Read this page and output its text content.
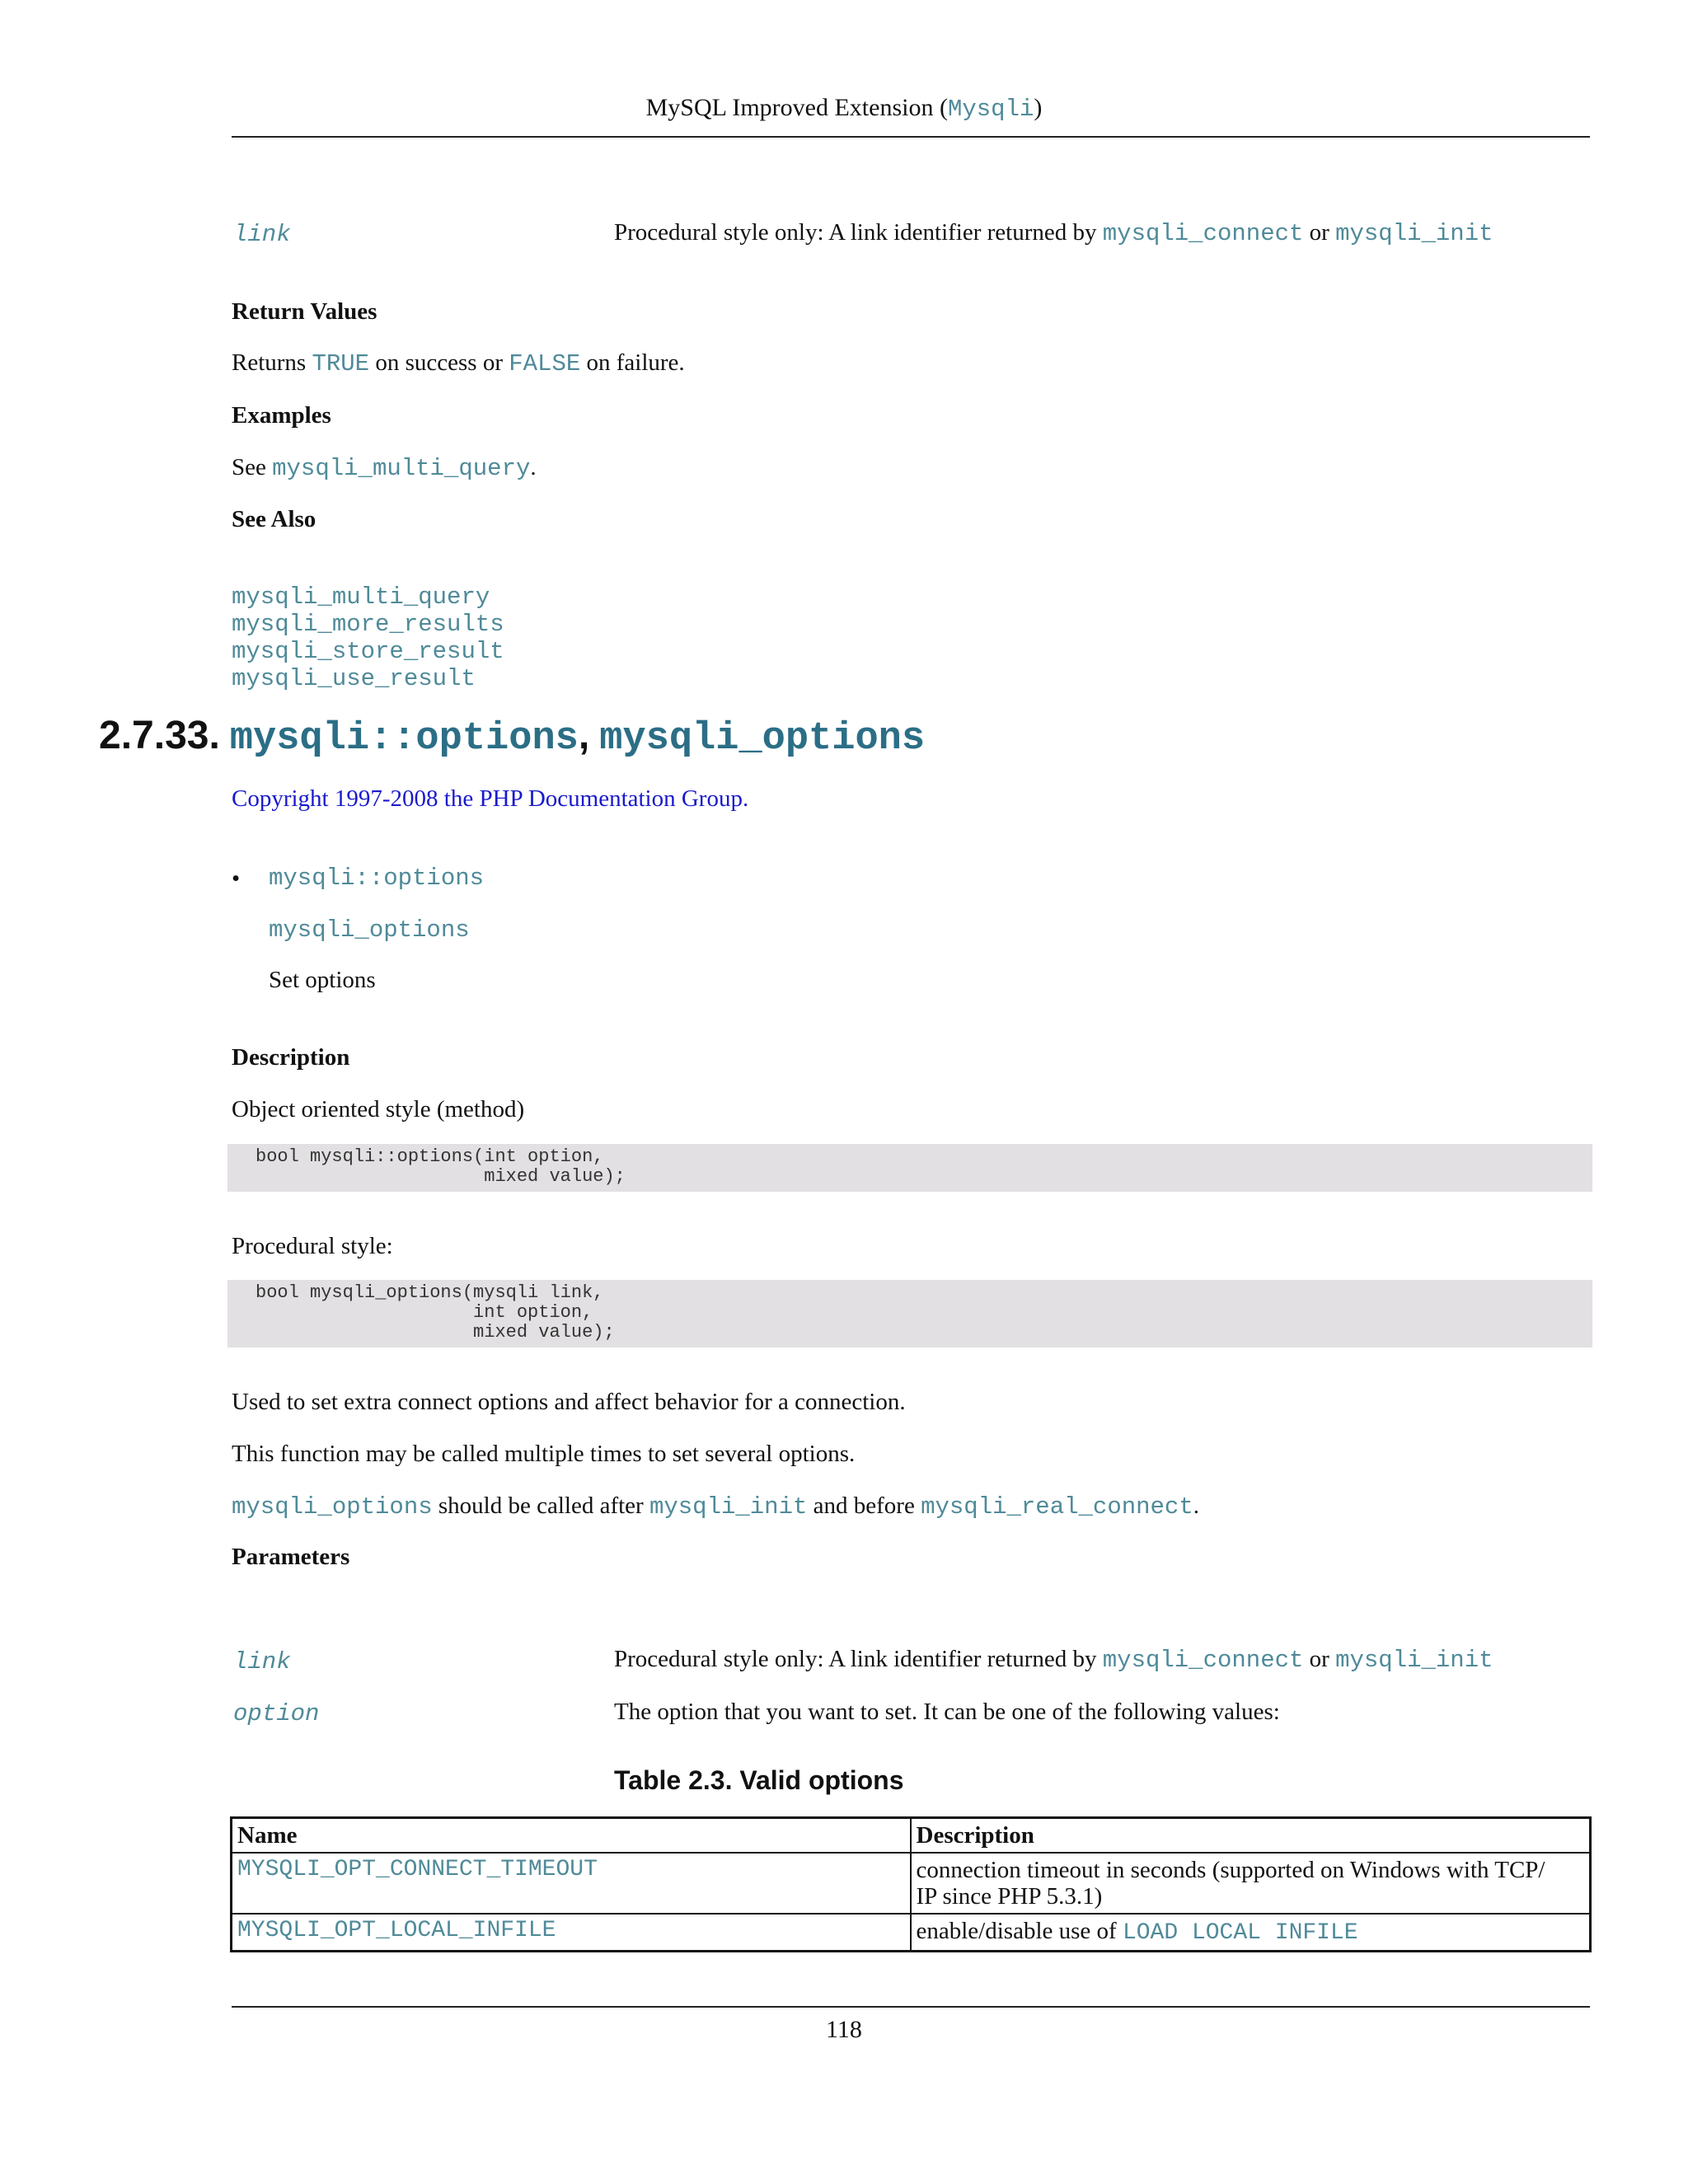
MySQL Improved Extension (Mysqli)
link	Procedural style only: A link identifier returned by mysqli_connect or mysqli_init
Return Values
Returns TRUE on success or FALSE on failure.
Examples
See mysqli_multi_query.
See Also
mysqli_multi_query
mysqli_more_results
mysqli_store_result
mysqli_use_result
2.7.33. mysqli::options, mysqli_options
Copyright 1997-2008 the PHP Documentation Group.
• mysqli::options
mysqli_options
Set options
Description
Object oriented style (method)
bool mysqli::options(int option,
mixed value);
Procedural style:
bool mysqli_options(mysqli link,
int option,
mixed value);
Used to set extra connect options and affect behavior for a connection.
This function may be called multiple times to set several options.
mysqli_options should be called after mysqli_init and before mysqli_real_connect.
Parameters
link	Procedural style only: A link identifier returned by mysqli_connect or mysqli_init
option	The option that you want to set. It can be one of the following values:
Table 2.3. Valid options
Name	Description
MYSQLI_OPT_CONNECT_TIMEOUT	connection timeout in seconds (supported on Windows with TCP/
IP since PHP 5.3.1)

MYSQLI_OPT_LOCAL_INFILE	enable/disable use of LOAD LOCAL INFILE
118
